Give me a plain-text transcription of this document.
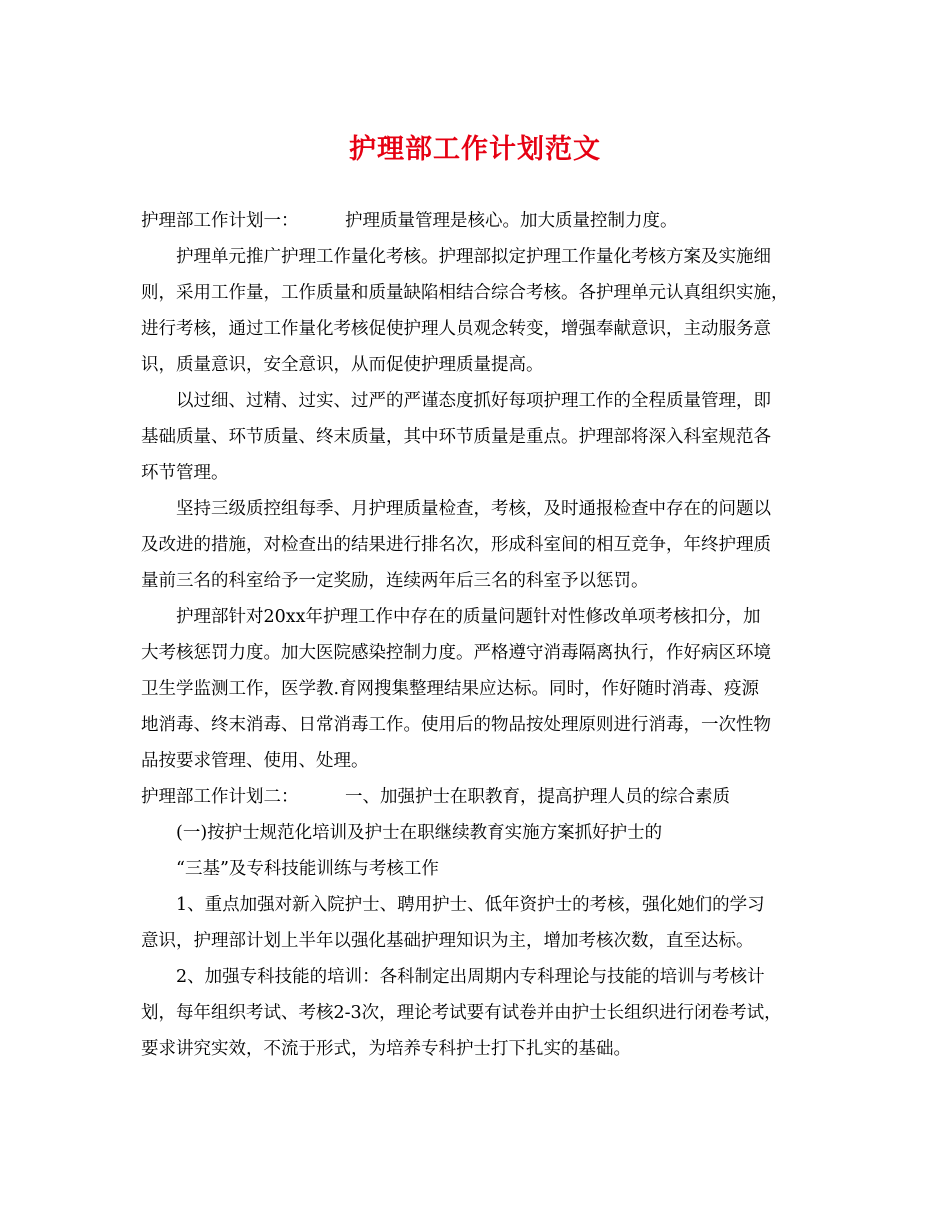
护理部工作计划范文
护理部工作计划一：	护理质量管理是核心。加大质量控制力度。
护理单元推广护理工作量化考核。护理部拟定护理工作量化考核方案及实施细
则，采用工作量，工作质量和质量缺陷相结合综合考核。各护理单元认真组织实施，
进行考核，通过工作量化考核促使护理人员观念转变，增强奉献意识，主动服务意
识，质量意识，安全意识，从而促使护理质量提高。
以过细、过精、过实、过严的严谨态度抓好每项护理工作的全程质量管理，即
基础质量、环节质量、终末质量，其中环节质量是重点。护理部将深入科室规范各
环节管理。
坚持三级质控组每季、月护理质量检查，考核，及时通报检查中存在的问题以
及改进的措施，对检查出的结果进行排名次，形成科室间的相互竞争，年终护理质
量前三名的科室给予一定奖励，连续两年后三名的科室予以惩罚。
护理部针对20xx年护理工作中存在的质量问题针对性修改单项考核扣分，加
大考核惩罚力度。加大医院感染控制力度。严格遵守消毒隔离执行，作好病区环境
卫生学监测工作，医学教.育网搜集整理结果应达标。同时，作好随时消毒、疫源
地消毒、终末消毒、日常消毒工作。使用后的物品按处理原则进行消毒，一次性物
品按要求管理、使用、处理。
护理部工作计划二：	一、加强护士在职教育，提高护理人员的综合素质
(一)按护士规范化培训及护士在职继续教育实施方案抓好护士的
“三基”及专科技能训练与考核工作
1、重点加强对新入院护士、聘用护士、低年资护士的考核，强化她们的学习
意识，护理部计划上半年以强化基础护理知识为主，增加考核次数，直至达标。
2、加强专科技能的培训：各科制定出周期内专科理论与技能的培训与考核计
划，每年组织考试、考核2-3次，理论考试要有试卷并由护士长组织进行闭卷考试，
要求讲究实效，不流于形式，为培养专科护士打下扎实的基础。
